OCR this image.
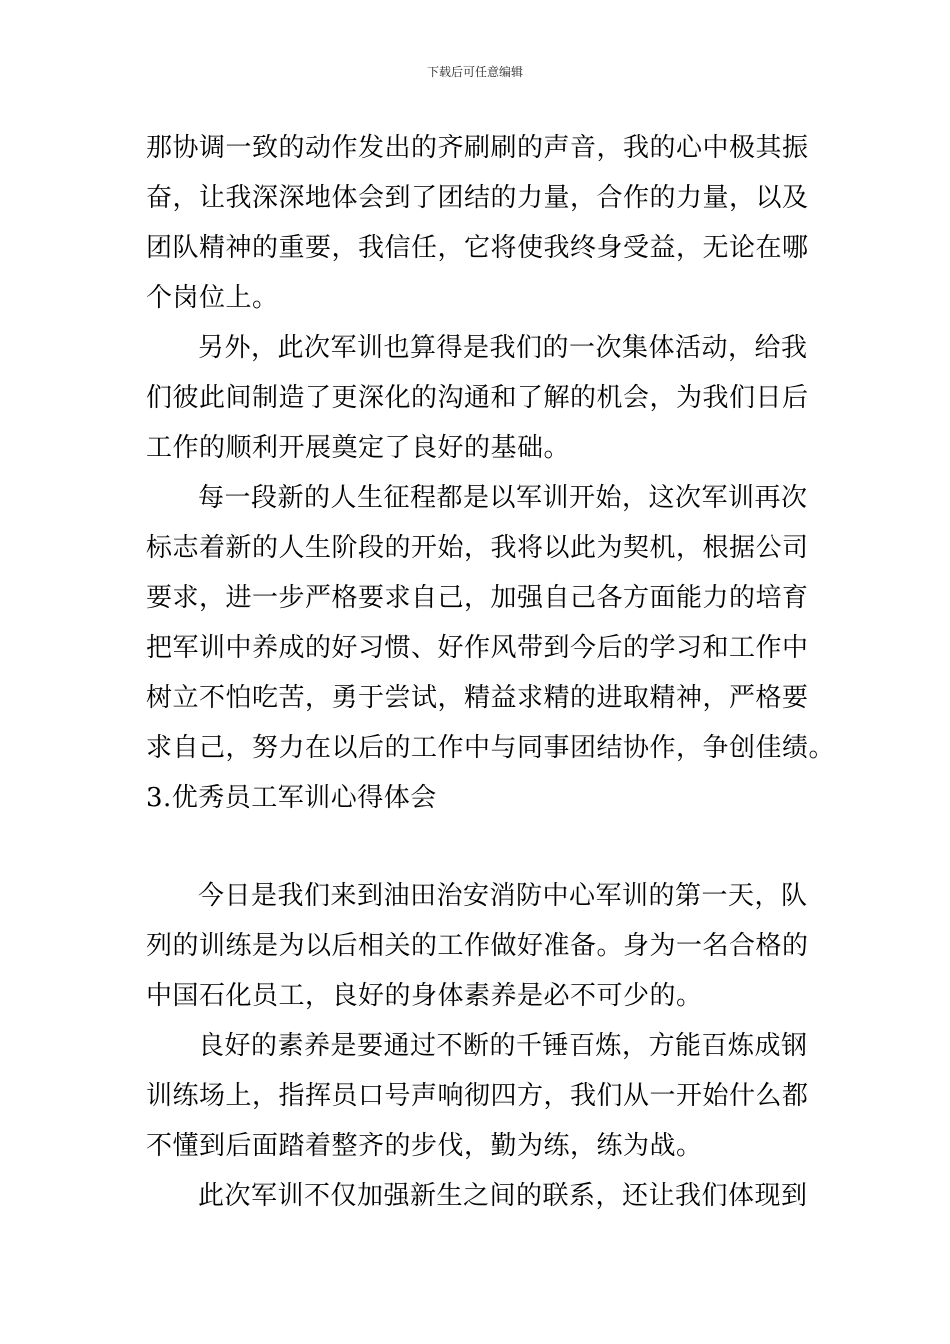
下载后可任意编辑
那协调一致的动作发出的齐刷刷的声音，我的心中极其振
奋，让我深深地体会到了团结的力量，合作的力量，以及
团队精神的重要，我信任，它将使我终身受益，无论在哪
个岗位上。
另外，此次军训也算得是我们的一次集体活动，给我
们彼此间制造了更深化的沟通和了解的机会，为我们日后
工作的顺利开展奠定了良好的基础。
每一段新的人生征程都是以军训开始，这次军训再次
标志着新的人生阶段的开始，我将以此为契机，根据公司
要求，进一步严格要求自己，加强自己各方面能力的培育
把军训中养成的好习惯、好作风带到今后的学习和工作中
树立不怕吃苦，勇于尝试，精益求精的进取精神，严格要
求自己，努力在以后的工作中与同事团结协作，争创佳绩。
3.优秀员工军训心得体会
今日是我们来到油田治安消防中心军训的第一天，队
列的训练是为以后相关的工作做好准备。身为一名合格的
中国石化员工，良好的身体素养是必不可少的。
良好的素养是要通过不断的千锤百炼，方能百炼成钢
训练场上，指挥员口号声响彻四方，我们从一开始什么都
不懂到后面踏着整齐的步伐，勤为练，练为战。
此次军训不仅加强新生之间的联系，还让我们体现到
